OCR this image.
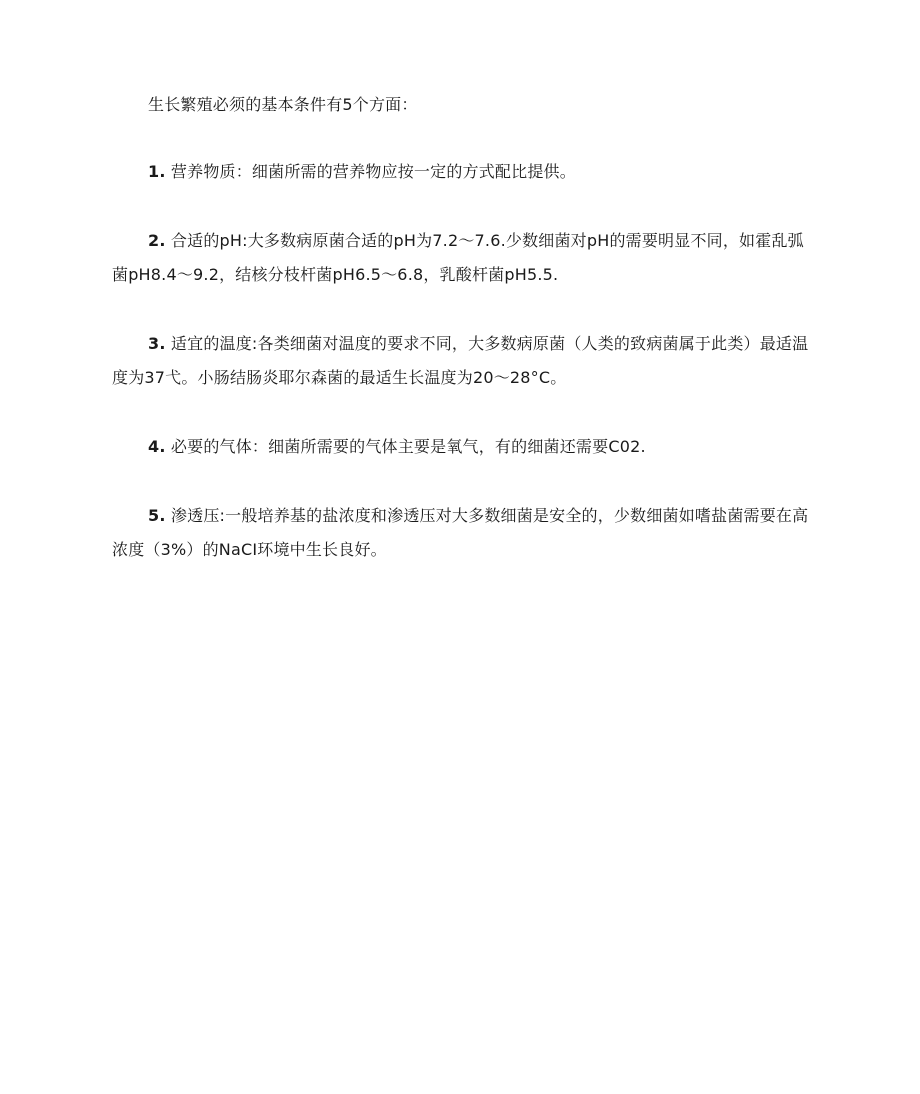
生长繁殖必须的基本条件有5个方面：

1. 营养物质：细菌所需的营养物应按一定的方式配比提供。

2. 合适的pH:大多数病原菌合适的pH为7.2～7.6.少数细菌对pH的需要明显不同，如霍乱弧菌pH8.4～9.2，结核分枝杆菌pH6.5～6.8，乳酸杆菌pH5.5.

3. 适宜的温度:各类细菌对温度的要求不同，大多数病原菌（人类的致病菌属于此类）最适温度为37弋。小肠结肠炎耶尔森菌的最适生长温度为20～28°C。

4. 必要的气体：细菌所需要的气体主要是氧气，有的细菌还需要C02.

5. 渗透压:一般培养基的盐浓度和渗透压对大多数细菌是安全的，少数细菌如嗜盐菌需要在高浓度（3%）的NaCI环境中生长良好。
